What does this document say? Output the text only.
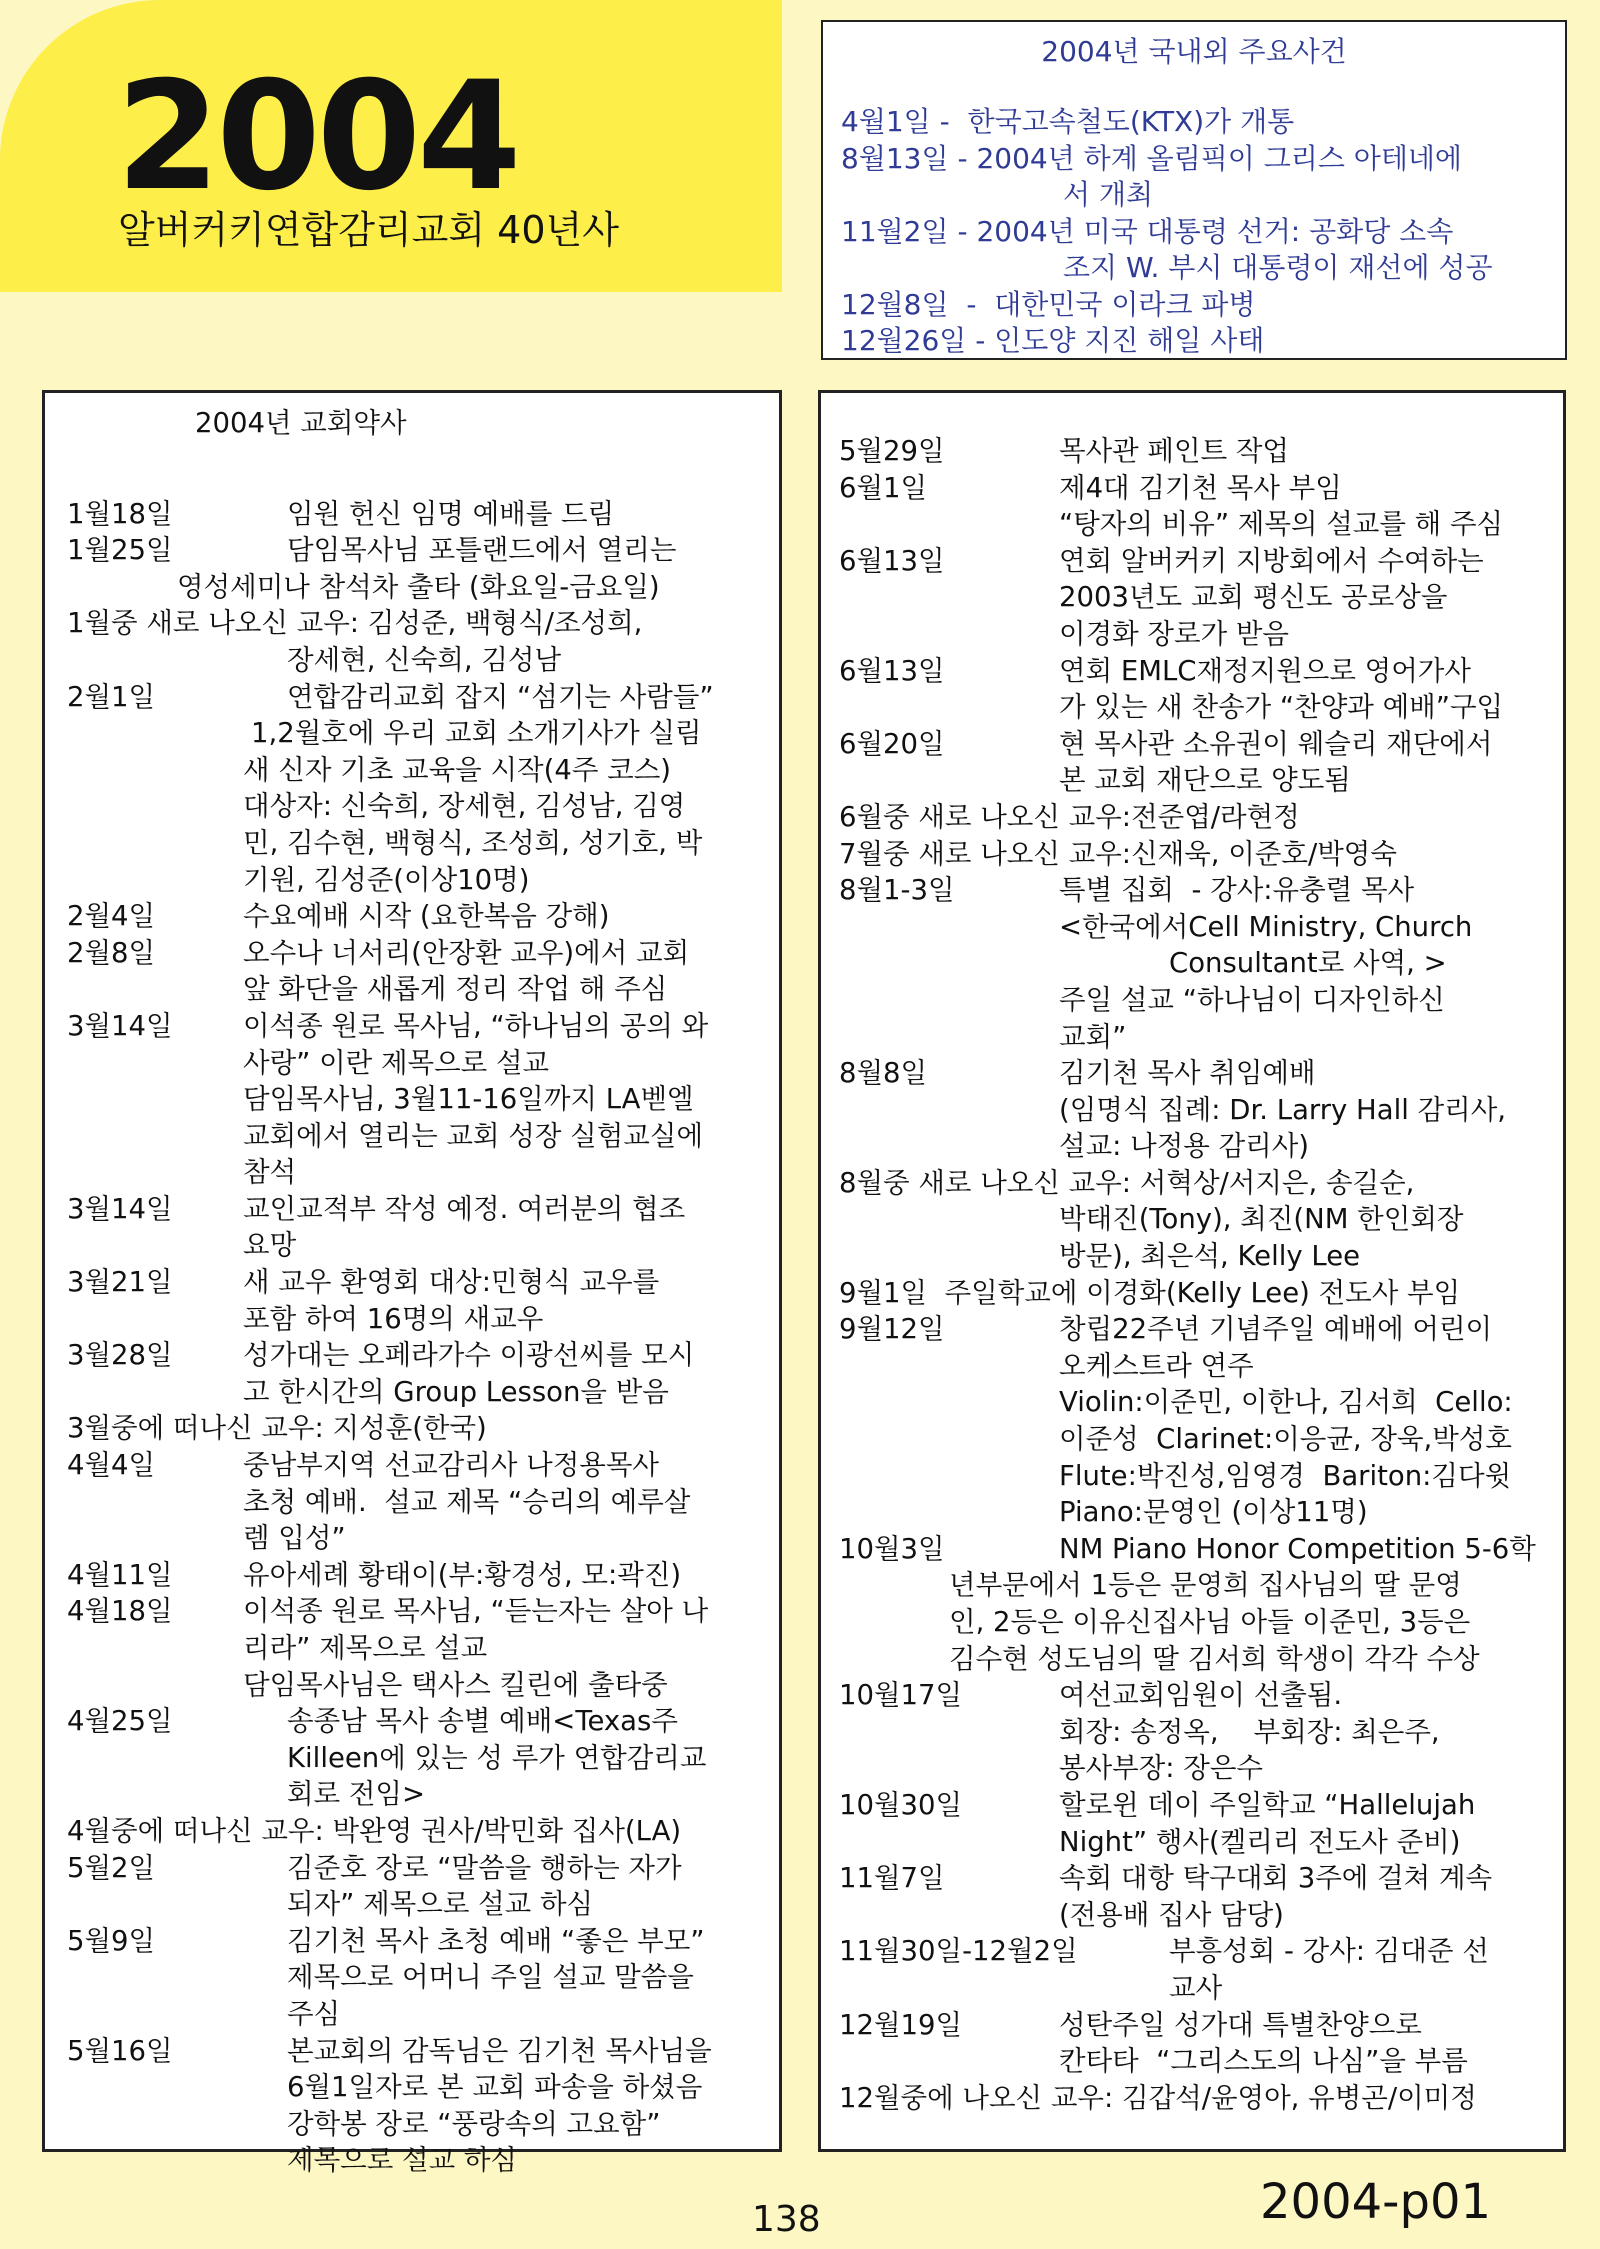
2004
알버커키연합감리교회 40년사
2004년 국내외 주요사건
4월1일 -  한국고속철도(KTX)가 개통
8월13일 - 2004년 하계 올림픽이 그리스 아테네에
서 개최
11월2일 - 2004년 미국 대통령 선거: 공화당 소속
조지 W. 부시 대통령이 재선에 성공
12월8일 -  대한민국 이라크 파병
12월26일 - 인도양 지진 해일 사태
2004년 교회약사
1월18일	임원 헌신 임명 예배를 드림
1월25일	담임목사님 포틀랜드에서 열리는
영성세미나 참석차 출타 (화요일-금요일)
1월중 새로 나오신 교우: 김성준, 백형식/조성희,
장세현, 신숙희, 김성남
2월1일	연합감리교회 잡지 “섬기는 사람들”
1,2월호에 우리 교회 소개기사가 실림
새 신자 기초 교육을 시작(4주 코스)
대상자: 신숙희, 장세현, 김성남, 김영
민, 김수현, 백형식, 조성희, 성기호, 박
기원, 김성준(이상10명)
2월4일	수요예배 시작 (요한복음 강해)
2월8일	오수나 너서리(안장환 교우)에서 교회
앞 화단을 새롭게 정리 작업 해 주심
3월14일	이석종 원로 목사님, “하나님의 공의 와
사랑” 이란 제목으로 설교
담임목사님, 3월11-16일까지 LA벧엘
교회에서 열리는 교회 성장 실험교실에
참석
3월14일	교인교적부 작성 예정. 여러분의 협조
요망
3월21일	새 교우 환영회 대상:민형식 교우를
포함 하여 16명의 새교우
3월28일	성가대는 오페라가수 이광선씨를 모시
고 한시간의 Group Lesson을 받음
3월중에 떠나신 교우: 지성훈(한국)
4월4일	중남부지역 선교감리사 나정용목사
초청 예배.  설교 제목 “승리의 예루살
렘 입성”
4월11일	유아세례 황태이(부:황경성, 모:곽진)
4월18일	이석종 원로 목사님, “듣는자는 살아 나
리라” 제목으로 설교
담임목사님은 택사스 킬린에 출타중
4월25일	송종남 목사 송별 예배<Texas주
Killeen에 있는 성 루가 연합감리교
회로 전임>
4월중에 떠나신 교우: 박완영 권사/박민화 집사(LA)
5월2일	김준호 장로 “말씀을 행하는 자가
되자” 제목으로 설교 하심
5월9일	김기천 목사 초청 예배 “좋은 부모”
제목으로 어머니 주일 설교 말씀을
주심
5월16일	본교회의 감독님은 김기천 목사님을
6월1일자로 본 교회 파송을 하셨음
강학봉 장로 “풍랑속의 고요함”
제목으로 설교 하심
5월29일	목사관 페인트 작업
6월1일	제4대 김기천 목사 부임
“탕자의 비유” 제목의 설교를 해 주심
6월13일	연회 알버커키 지방회에서 수여하는
2003년도 교회 평신도 공로상을
이경화 장로가 받음
6월13일	연회 EMLC재정지원으로 영어가사
가 있는 새 찬송가 “찬양과 예배”구입
6월20일	현 목사관 소유권이 웨슬리 재단에서
본 교회 재단으로 양도됨
6월중 새로 나오신 교우:전준엽/라현정
7월중 새로 나오신 교우:신재욱, 이준호/박영숙
8월1-3일	특별 집회  - 강사:유충렬 목사
<한국에서Cell Ministry, Church
Consultant로 사역, >
주일 설교 “하나님이 디자인하신
교회”
8월8일	김기천 목사 취임예배
(임명식 집례: Dr. Larry Hall 감리사,
설교: 나정용 감리사)
8월중 새로 나오신 교우: 서혁상/서지은, 송길순,
박태진(Tony), 최진(NM 한인회장
방문), 최은석, Kelly Lee
9월1일  주일학교에 이경화(Kelly Lee) 전도사 부임
9월12일	창립22주년 기념주일 예배에 어린이
오케스트라 연주
Violin:이준민, 이한나, 김서희  Cello:
이준성  Clarinet:이응균, 장욱,박성호
Flute:박진성,임영경  Bariton:김다윗
Piano:문영인 (이상11명)
10월3일	NM Piano Honor Competition 5-6학
년부문에서 1등은 문영희 집사님의 딸 문영
인, 2등은 이유신집사님 아들 이준민, 3등은
김수현 성도님의 딸 김서희 학생이 각각 수상
10월17일	여선교회임원이 선출됨.
회장: 송정옥,    부회장: 최은주,
봉사부장: 장은수
10월30일	할로윈 데이 주일학교 “Hallelujah
Night” 행사(켈리리 전도사 준비)
11월7일	속회 대항 탁구대회 3주에 걸쳐 계속
(전용배 집사 담당)
11월30일-12월2일	부흥성회 - 강사: 김대준 선
교사
12월19일	성탄주일 성가대 특별찬양으로
칸타타  “그리스도의 나심”을 부름
12월중에 나오신 교우: 김갑석/윤영아, 유병곤/이미정
138	2004-p01
